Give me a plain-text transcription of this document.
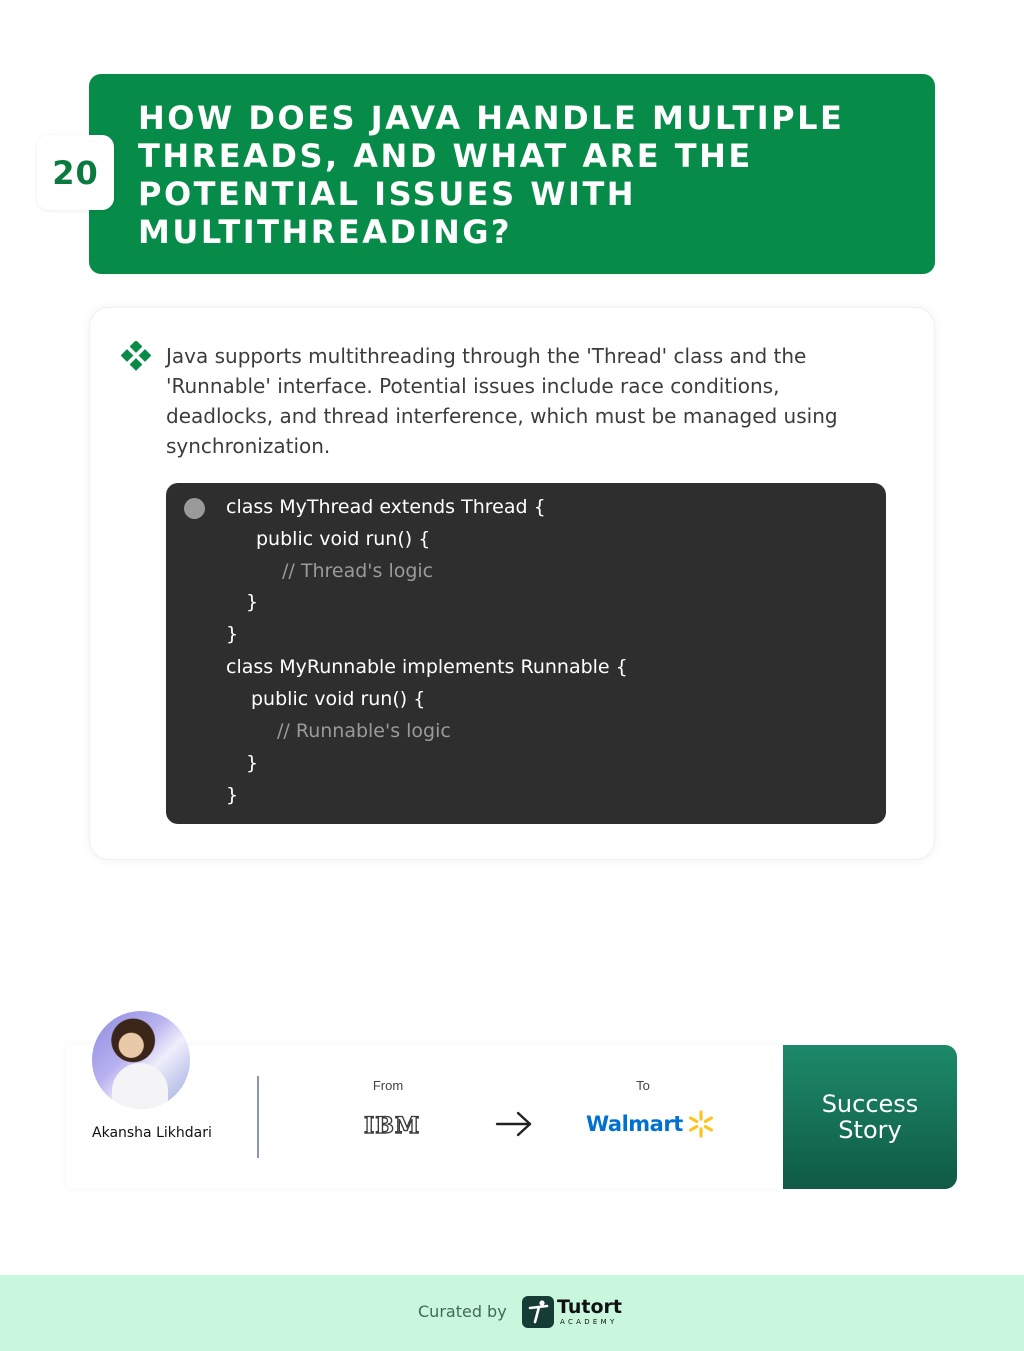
20
HOW DOES JAVA HANDLE MULTIPLE THREADS, AND WHAT ARE THE POTENTIAL ISSUES WITH MULTITHREADING?
Java supports multithreading through the 'Thread' class and the 'Runnable' interface. Potential issues include race conditions, deadlocks, and thread interference, which must be managed using synchronization.
class MyThread extends Thread {
public void run() {
// Thread's logic
}
}
class MyRunnable implements Runnable {
public void run() {
// Runnable's logic
}
}
Akansha Likhdari
From
IBM
To
Walmart
Success Story
Curated by	Tutort
ACADEMY
